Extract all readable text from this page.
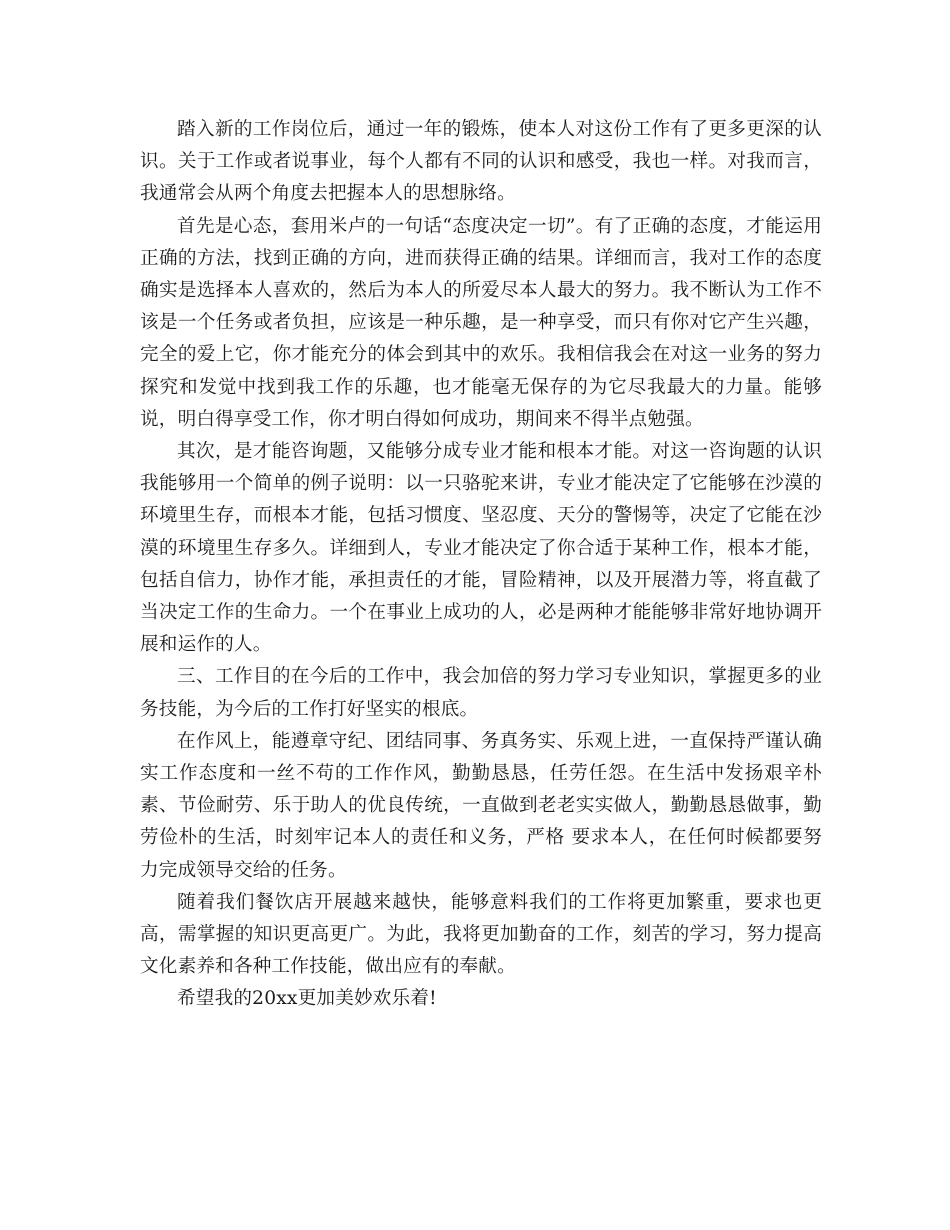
踏入新的工作岗位后，通过一年的锻炼，使本人对这份工作有了更多更深的认识。关于工作或者说事业，每个人都有不同的认识和感受，我也一样。对我而言，我通常会从两个角度去把握本人的思想脉络。

首先是心态，套用米卢的一句话“态度决定一切”。有了正确的态度，才能运用正确的方法，找到正确的方向，进而获得正确的结果。详细而言，我对工作的态度确实是选择本人喜欢的，然后为本人的所爱尽本人最大的努力。我不断认为工作不该是一个任务或者负担，应该是一种乐趣，是一种享受，而只有你对它产生兴趣，完全的爱上它，你才能充分的体会到其中的欢乐。我相信我会在对这一业务的努力探究和发觉中找到我工作的乐趣，也才能毫无保存的为它尽我最大的力量。能够说，明白得享受工作，你才明白得如何成功，期间来不得半点勉强。

其次，是才能咨询题，又能够分成专业才能和根本才能。对这一咨询题的认识我能够用一个简单的例子说明：以一只骆驼来讲，专业才能决定了它能够在沙漠的环境里生存，而根本才能，包括习惯度、坚忍度、天分的警惕等，决定了它能在沙漠的环境里生存多久。详细到人，专业才能决定了你合适于某种工作，根本才能，包括自信力，协作才能，承担责任的才能，冒险精神，以及开展潜力等，将直截了当决定工作的生命力。一个在事业上成功的人，必是两种才能能够非常好地协调开展和运作的人。

三、工作目的在今后的工作中，我会加倍的努力学习专业知识，掌握更多的业务技能，为今后的工作打好坚实的根底。

在作风上，能遵章守纪、团结同事、务真务实、乐观上进，一直保持严谨认确实工作态度和一丝不苟的工作作风，勤勤恳恳，任劳任怨。在生活中发扬艰辛朴素、节俭耐劳、乐于助人的优良传统，一直做到老老实实做人，勤勤恳恳做事，勤劳俭朴的生活，时刻牢记本人的责任和义务，严格 要求本人，在任何时候都要努力完成领导交给的任务。

随着我们餐饮店开展越来越快，能够意料我们的工作将更加繁重，要求也更高，需掌握的知识更高更广。为此，我将更加勤奋的工作，刻苦的学习，努力提高文化素养和各种工作技能，做出应有的奉献。

希望我的20xx更加美妙欢乐着!
